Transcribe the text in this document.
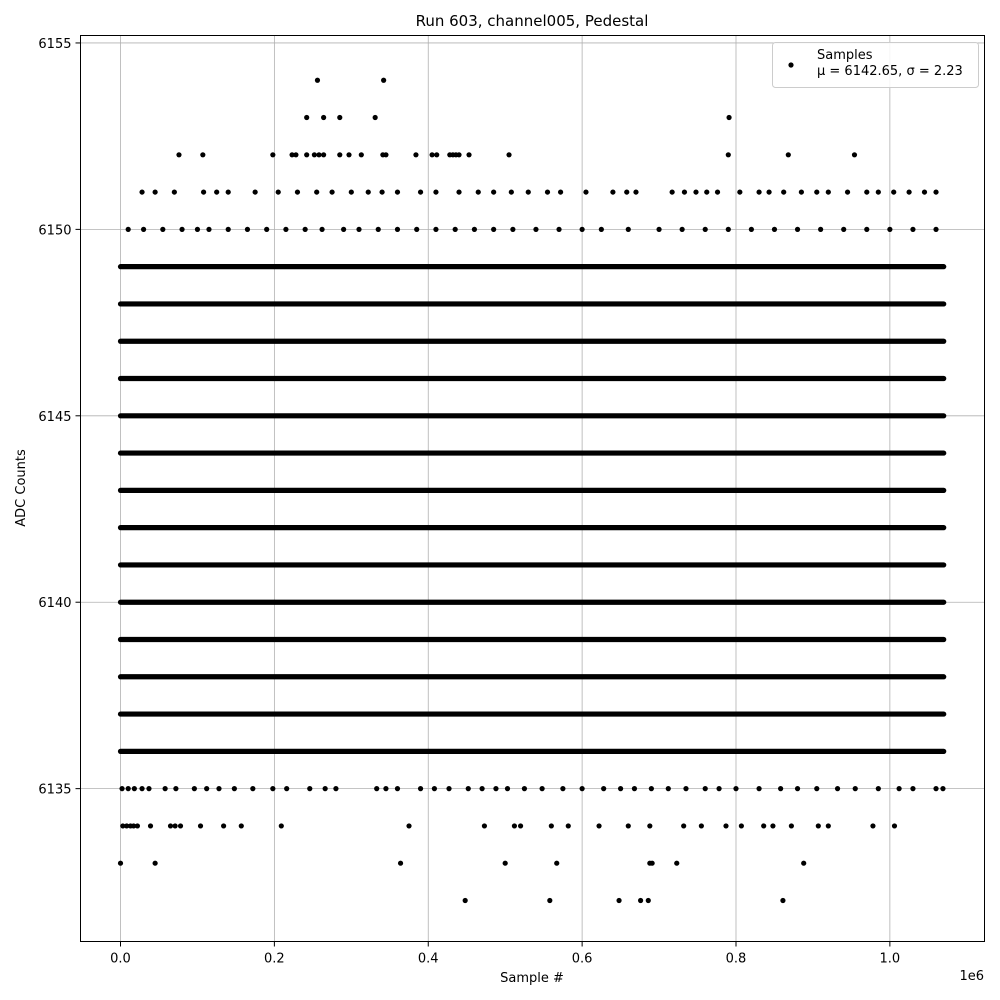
Run 603, channel005, Pedestal
0.0	0.2	0.4	0.6	0.8	1.0
6135
6140
6145
6150
6155
1e6
Sample #
ADC Counts
Samples
μ = 6142.65, σ = 2.23
